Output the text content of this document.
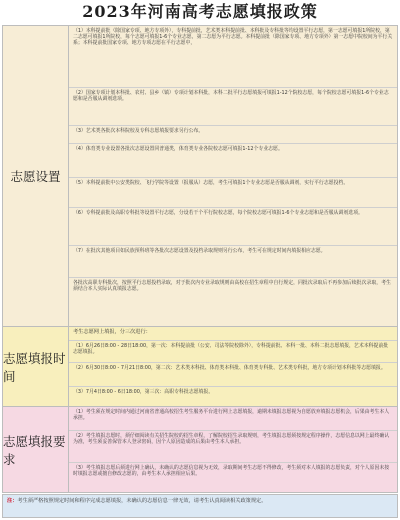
2023年河南高考志愿填报政策
志愿设置
（1）本科提前批（除国家专项、地方专项外），专科提前批，艺术类本科提前批、本科批及专科批等均设置平行志愿，第一志愿可填报1所院校，第二志愿可填报1所院校，每个志愿可填报1-6个专业志愿，第二志愿为平行志愿。本科提前批（除国家专项、地方专项外）第一志愿中院校间为平行关系；本科提前批国家专项、地方专项志愿在平行志愿中，
（2）国家专项计划本科批、农村、县乡（镇）专项计划本科批，本科二批平行志愿填报可填报1-12个院校志愿，每个院校志愿可填报1-6个专业志愿和是否服从调剂选项。
（3）艺术类各批次本科院校及专科志愿填报要求另行公布。
（4）体育类专业设置各批次志愿设置同普通类，体育类专业各院校志愿可填报1-12个专业志愿。
（5）本科提前批中公安类院校、飞行学院等设置（报服从）志愿，考生可填报1个专业志愿是否服从调剂，实行平行志愿投档。
（6）专科提前批及高职专科批等设置平行志愿，分设若干个平行院校志愿，每个院校志愿可填报1-6个专业志愿和是否服从调剂选项。
（7）在批次其他项目如民族预科班等各批次志愿设置及投档录取规则另行公布，考生可在规定时间内填报相应志愿。
各批次高职专科批次，按照平行志愿投档录取，对于批次内专业录取规则由高校在招生章程中自行规定，同批次录取后不再参加后续批次录取，考生须结合本人实际认真填报志愿。
志愿填报时间
考生志愿网上填报，分三次进行：
（1）6月26日8:00 - 28日18:00，第一次：本科提前批（公安、司法等院校除外），专科提前批、本科一批、本科二批志愿填报，艺术本科提前批志愿填报。
（2）6月30日8:00 - 7月21日8:00，第二次：艺术类本科批、体育类本科批、体育类专科批、艺术类专科批，地方专项计划本科批等志愿填报。
（3）7月4日8:00 - 6日18:00，第三次：高职专科批志愿填报。
志愿填报要求
（1）考生须在规定时间内通过河南省普通高校招生考生服务平台进行网上志愿填报，逾期未填报志愿视为自愿放弃填报志愿机会，后果由考生本人承担。
（2）考生填报志愿时，须仔细阅读有关招生院校的招生章程，了解院校招生录取规则，考生填报志愿须按规定程序操作，志愿信息以网上最终确认为准，考生须妥善保管本人登录密码，因个人原因造成的后果由考生本人承担。
（3）考生填报志愿后须进行网上确认，未确认的志愿信息视为无效，录取期间考生志愿不得修改，考生须对本人填报的志愿负责，对个人原因未按时填报志愿或擅自修改志愿的，由考生本人承担相应后果。
注：考生须严格按照规定时间和程序完成志愿填报，未确认的志愿信息一律无效，请考生认真阅读相关政策规定。
